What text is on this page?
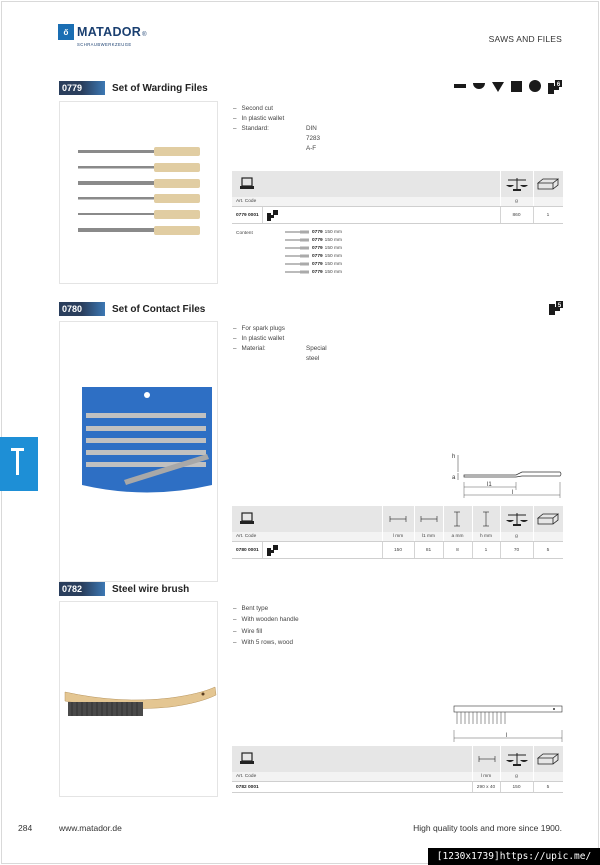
ő MATADOR®
SCHRAUBWERKZEUGE
SAWS AND FILES
0779	Set of Warding Files	6
– Second cut
– In plastic wallet
– Standard:	DIN 7283 A-F
Art. Code	g
0779 0001	860	1
Content	0779 150 mm
0779 150 mm
0779 150 mm
0779 150 mm
0779 150 mm
0779 150 mm
0780	Set of Contact Files	5
– For spark plugs
– In plastic wallet
– Material:	Special steel
h
a
l1
l
Art. Code	l mm	l1 mm	a mm	h mm	g
0780 0001	150	81	8	1	70	5
0782	Steel wire brush
– Bent type
– With wooden handle
– Wire fill
– With 5 rows, wood
l
Art. Code	l mm	g
0782 0001	290 x 40	150	5
284	www.matador.de	High quality tools and more since 1900.
[1230x1739]https://upic.me/
